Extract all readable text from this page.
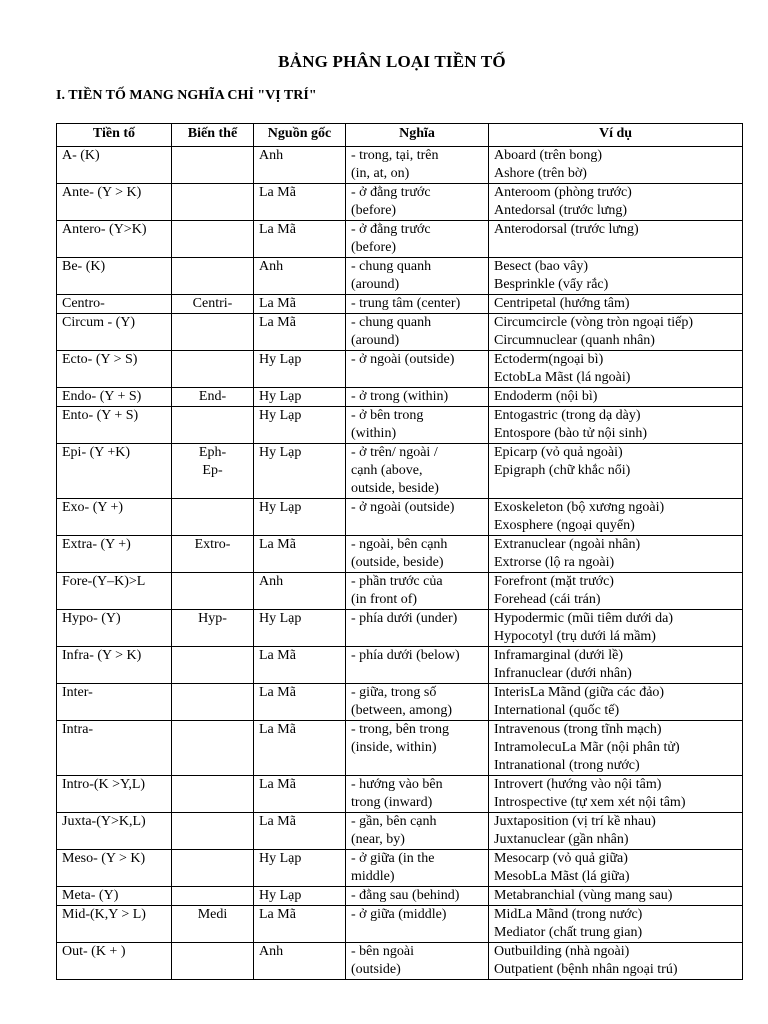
BẢNG PHÂN LOẠI TIỀN TỐ
I. TIỀN TỐ MANG NGHĨA CHỈ "VỊ TRÍ"
Tiền tố	Biến thể	Nguồn gốc	Nghĩa	Ví dụ

A- (K)		Anh	- trong, tại, trên
(in, at, on)	Aboard (trên bong)
Ashore (trên bờ)

Ante- (Y > K)		La Mã	- ở đằng trước
(before)	Anteroom (phòng trước)
Antedorsal (trước lưng)

Antero- (Y>K)		La Mã	- ở đằng trước
(before)	Anterodorsal (trước lưng)

Be- (K)		Anh	- chung quanh
(around)	Besect (bao vây)
Besprinkle (vẩy rắc)

Centro-	Centri-	La Mã	- trung tâm (center)	Centripetal (hướng tâm)

Circum - (Y)		La Mã	- chung quanh
(around)	Circumcircle (vòng tròn ngoại tiếp)
Circumnuclear (quanh nhân)

Ecto- (Y > S)		Hy Lạp	- ở ngoài (outside)	Ectoderm(ngoại bì)
EctobLa Mãst (lá ngoài)

Endo- (Y + S)	End-	Hy Lạp	- ở trong (within)	Endoderm (nội bì)

Ento- (Y + S)		Hy Lạp	- ở bên trong
(within)	Entogastric (trong dạ dày)
Entospore (bào tử nội sinh)

Epi- (Y +K)	Eph-
Ep-	Hy Lạp	- ở trên/ ngoài /
cạnh (above,
outside, beside)	Epicarp (vỏ quả ngoài)
Epigraph (chữ khắc nổi)

Exo- (Y +)		Hy Lạp	- ở ngoài (outside)	Exoskeleton (bộ xương ngoài)
Exosphere (ngoại quyển)

Extra- (Y +)	Extro-	La Mã	- ngoài, bên cạnh
(outside, beside)	Extranuclear (ngoài nhân)
Extrorse (lộ ra ngoài)

Fore-(Y–K)>L		Anh	- phần trước của
(in front of)	Forefront (mặt trước)
Forehead (cái trán)

Hypo- (Y)	Hyp-	Hy Lạp	- phía dưới (under)	Hypodermic (mũi tiêm dưới da)
Hypocotyl (trụ dưới lá mầm)

Infra- (Y > K)		La Mã	- phía dưới (below)	Inframarginal (dưới lề)
Infranuclear (dưới nhân)

Inter-		La Mã	- giữa, trong số
(between, among)	InterisLa Mãnd (giữa các đảo)
International (quốc tế)

Intra-		La Mã	- trong, bên trong
(inside, within)	Intravenous (trong tĩnh mạch)
IntramolecuLa Mãr (nội phân tử)
Intranational (trong nước)

Intro-(K >Y,L)		La Mã	- hướng vào bên
trong (inward)	Introvert (hướng vào nội tâm)
Introspective (tự xem xét nội tâm)

Juxta-(Y>K,L)		La Mã	- gần, bên cạnh
(near, by)	Juxtaposition (vị trí kề nhau)
Juxtanuclear (gần nhân)

Meso- (Y > K)		Hy Lạp	- ở giữa (in the
middle)	Mesocarp (vỏ quả giữa)
MesobLa Mãst (lá giữa)

Meta- (Y)		Hy Lạp	- đằng sau (behind)	Metabranchial (vùng mang sau)

Mid-(K,Y > L)	Medi	La Mã	- ở giữa (middle)	MidLa Mãnd (trong nước)
Mediator (chất trung gian)

Out- (K + )		Anh	- bên ngoài
(outside)	Outbuilding (nhà ngoài)
Outpatient (bệnh nhân ngoại trú)
